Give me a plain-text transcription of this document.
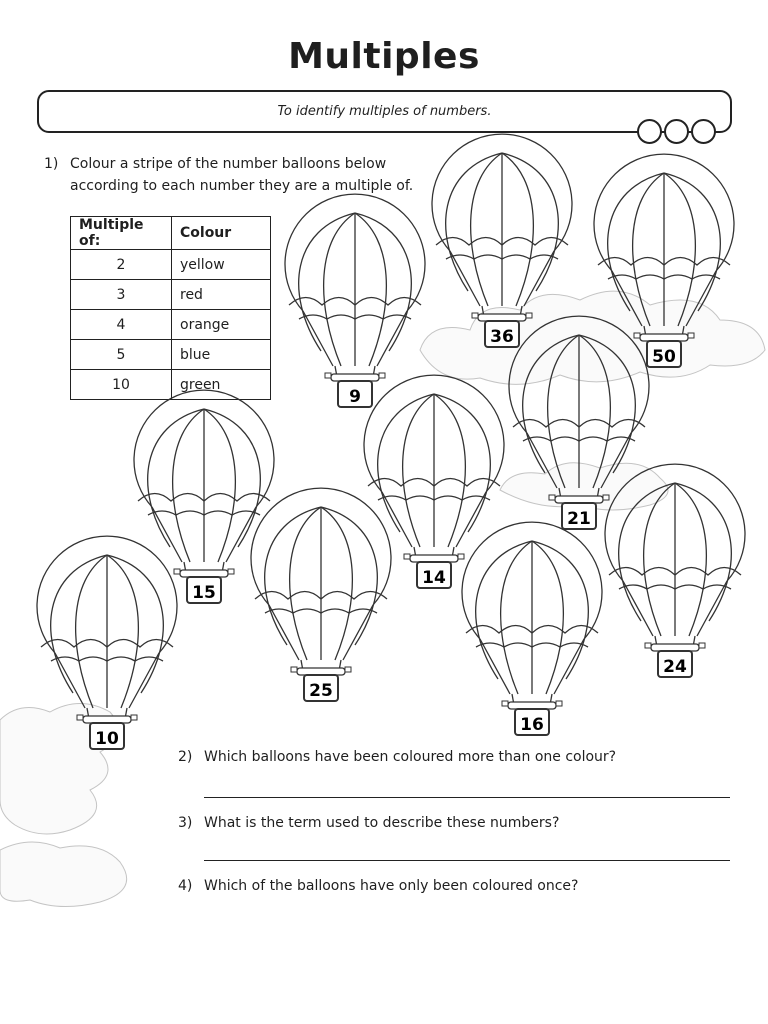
Multiples
To identify multiples of numbers.
1) Colour a stripe of the number balloons below
according to each number they are a multiple of.
Multiple of:	Colour
2	yellow
3	red
4	orange
5	blue
10	green
9
36
50
21
14
15
25
24
16
10
2) Which balloons have been coloured more than one colour?
3) What is the term used to describe these numbers?
4) Which of the balloons have only been coloured once?
